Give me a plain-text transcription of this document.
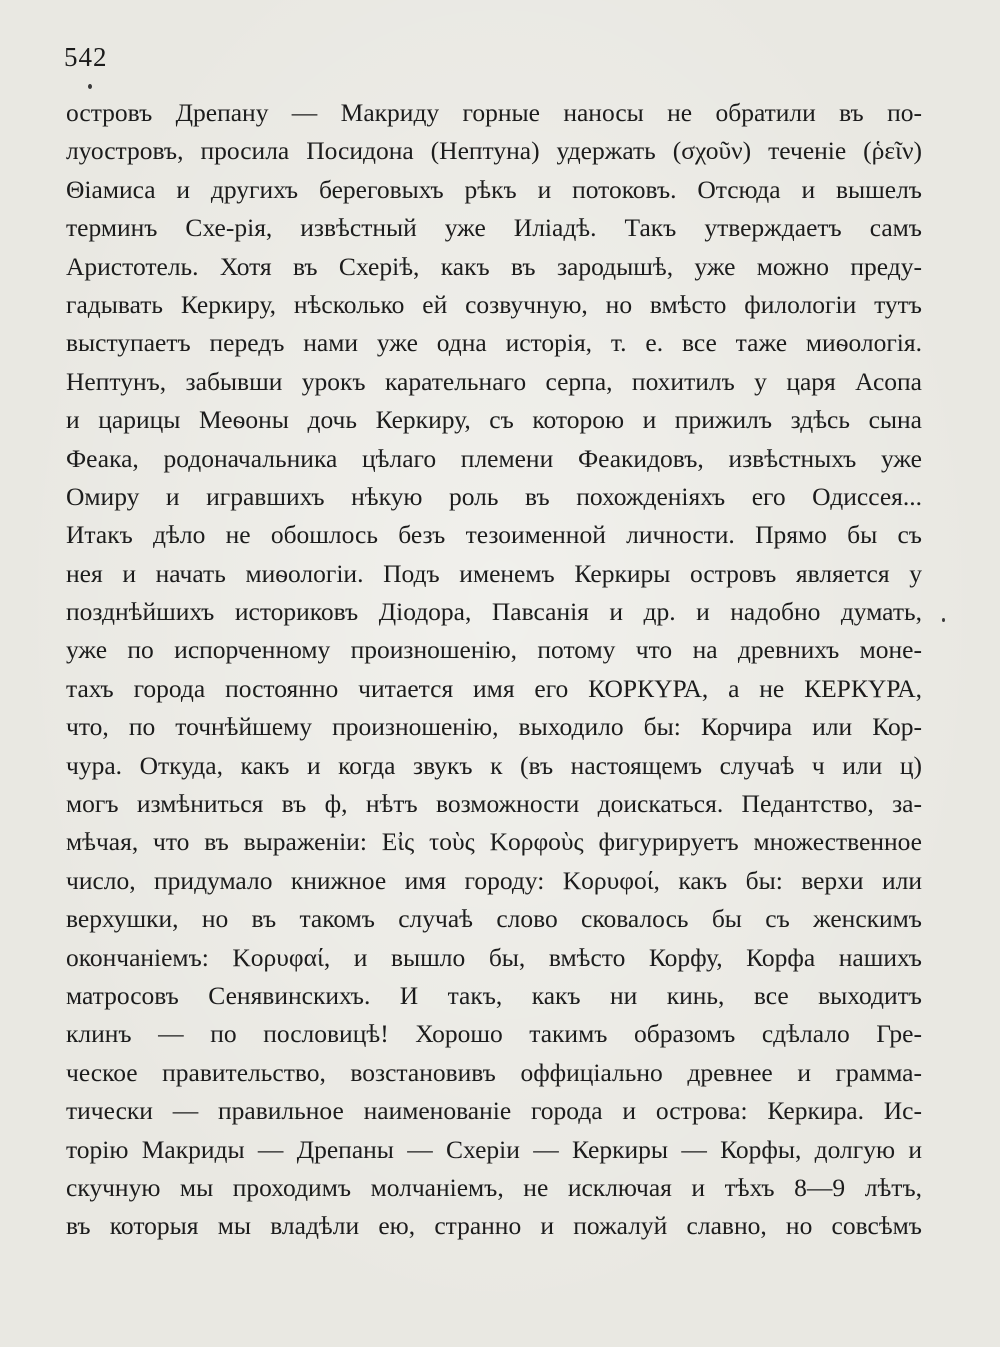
542
островъ Дрепану — Макриду горные наносы не обратили въ по-
луостровъ, просила Посидона (Нептуна) удержать (σχοῦν) теченіе (ῥεῖν)
Θіамиса и другихъ береговыхъ рѣкъ и потоковъ. Отсюда и вышелъ
терминъ Схе-рія, извѣстный уже Иліадѣ. Такъ утверждаетъ самъ
Аристотель. Хотя въ Схеріѣ, какъ въ зародышѣ, уже можно преду-
гадывать Керкиру, нѣсколько ей созвучную, но вмѣсто филологіи тутъ
выступаетъ передъ нами уже одна исторія, т. е. все таже миѳологія.
Нептунъ, забывши урокъ карательнаго серпа, похитилъ у царя Асопа
и царицы Меѳоны дочь Керкиру, съ которою и прижилъ здѣсь сына
Феака, родоначальника цѣлаго племени Феакидовъ, извѣстныхъ уже
Омиру и игравшихъ нѣкую роль въ похожденіяхъ его Одиссея...
Итакъ дѣло не обошлось безъ тезоименной личности. Прямо бы съ
нея и начать миѳологіи. Подъ именемъ Керкиры островъ является у
позднѣйшихъ историковъ Діодора, Павсанія и др. и надобно думать,
уже по испорченному произношенію, потому что на древнихъ моне-
тахъ города постоянно читается имя его КОРКΥРА, а не КЕРКΥРА,
что, по точнѣйшему произношенію, выходило бы: Корчира или Кор-
чура. Откуда, какъ и когда звукъ к (въ настоящемъ случаѣ ч или ц)
могъ измѣниться въ ф, нѣтъ возможности доискаться. Педантство, за-
мѣчая, что въ выраженіи: Εἰς τοὺς Κορφοὺς фигурируетъ множественное
число, придумало книжное имя городу: Κορυφοί, какъ бы: верхи или
верхушки, но въ такомъ случаѣ слово сковалось бы съ женскимъ
окончаніемъ: Κορυφαί, и вышло бы, вмѣсто Корфу, Корфа нашихъ
матросовъ Сенявинскихъ. И такъ, какъ ни кинь, все выходитъ
клинъ — по пословицѣ! Хорошо такимъ образомъ сдѣлало Гре-
ческое правительство, возстановивъ оффиціально древнее и грамма-
тически — правильное наименованіе города и острова: Керкира. Ис-
торію Макриды — Дрепаны — Схеріи — Керкиры — Корфы, долгую и
скучную мы проходимъ молчаніемъ, не исключая и тѣхъ 8—9 лѣтъ,
въ которыя мы владѣли ею, странно и пожалуй славно, но совсѣмъ
